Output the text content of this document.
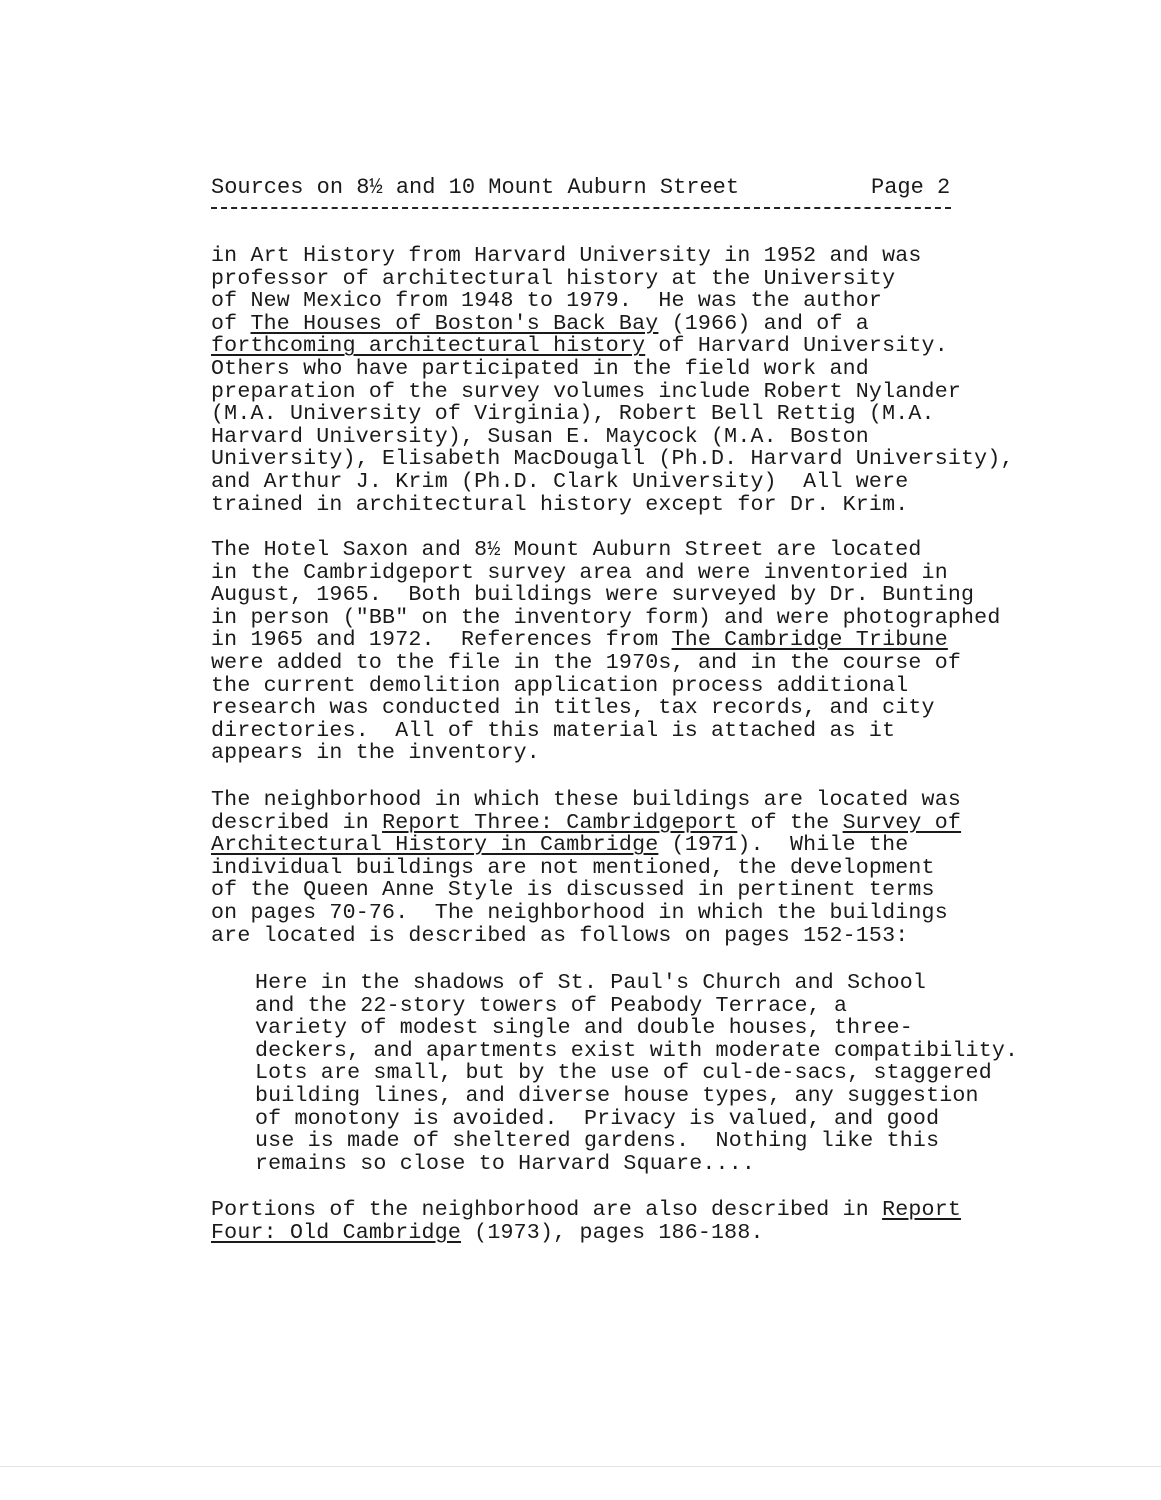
Sources on 8½ and 10 Mount Auburn Street

	Page 2

in Art History from Harvard University in 1952 and was
professor of architectural history at the University
of New Mexico from 1948 to 1979.  He was the author
of The Houses of Boston's Back Bay (1966) and of a
forthcoming architectural history of Harvard University.
Others who have participated in the field work and
preparation of the survey volumes include Robert Nylander
(M.A. University of Virginia), Robert Bell Rettig (M.A.
Harvard University), Susan E. Maycock (M.A. Boston
University), Elisabeth MacDougall (Ph.D. Harvard University),
and Arthur J. Krim (Ph.D. Clark University)  All were
trained in architectural history except for Dr. Krim.
The Hotel Saxon and 8½ Mount Auburn Street are located
in the Cambridgeport survey area and were inventoried in
August, 1965.  Both buildings were surveyed by Dr. Bunting
in person ("BB" on the inventory form) and were photographed
in 1965 and 1972.  References from The Cambridge Tribune
were added to the file in the 1970s, and in the course of
the current demolition application process additional
research was conducted in titles, tax records, and city
directories.  All of this material is attached as it
appears in the inventory.
The neighborhood in which these buildings are located was
described in Report Three: Cambridgeport of the Survey of
Architectural History in Cambridge (1971).  While the
individual buildings are not mentioned, the development
of the Queen Anne Style is discussed in pertinent terms
on pages 70-76.  The neighborhood in which the buildings
are located is described as follows on pages 152-153:
Here in the shadows of St. Paul's Church and School
and the 22-story towers of Peabody Terrace, a
variety of modest single and double houses, three-
deckers, and apartments exist with moderate compatibility.
Lots are small, but by the use of cul-de-sacs, staggered
building lines, and diverse house types, any suggestion
of monotony is avoided.  Privacy is valued, and good
use is made of sheltered gardens.  Nothing like this
remains so close to Harvard Square....
Portions of the neighborhood are also described in Report
Four: Old Cambridge (1973), pages 186-188.
